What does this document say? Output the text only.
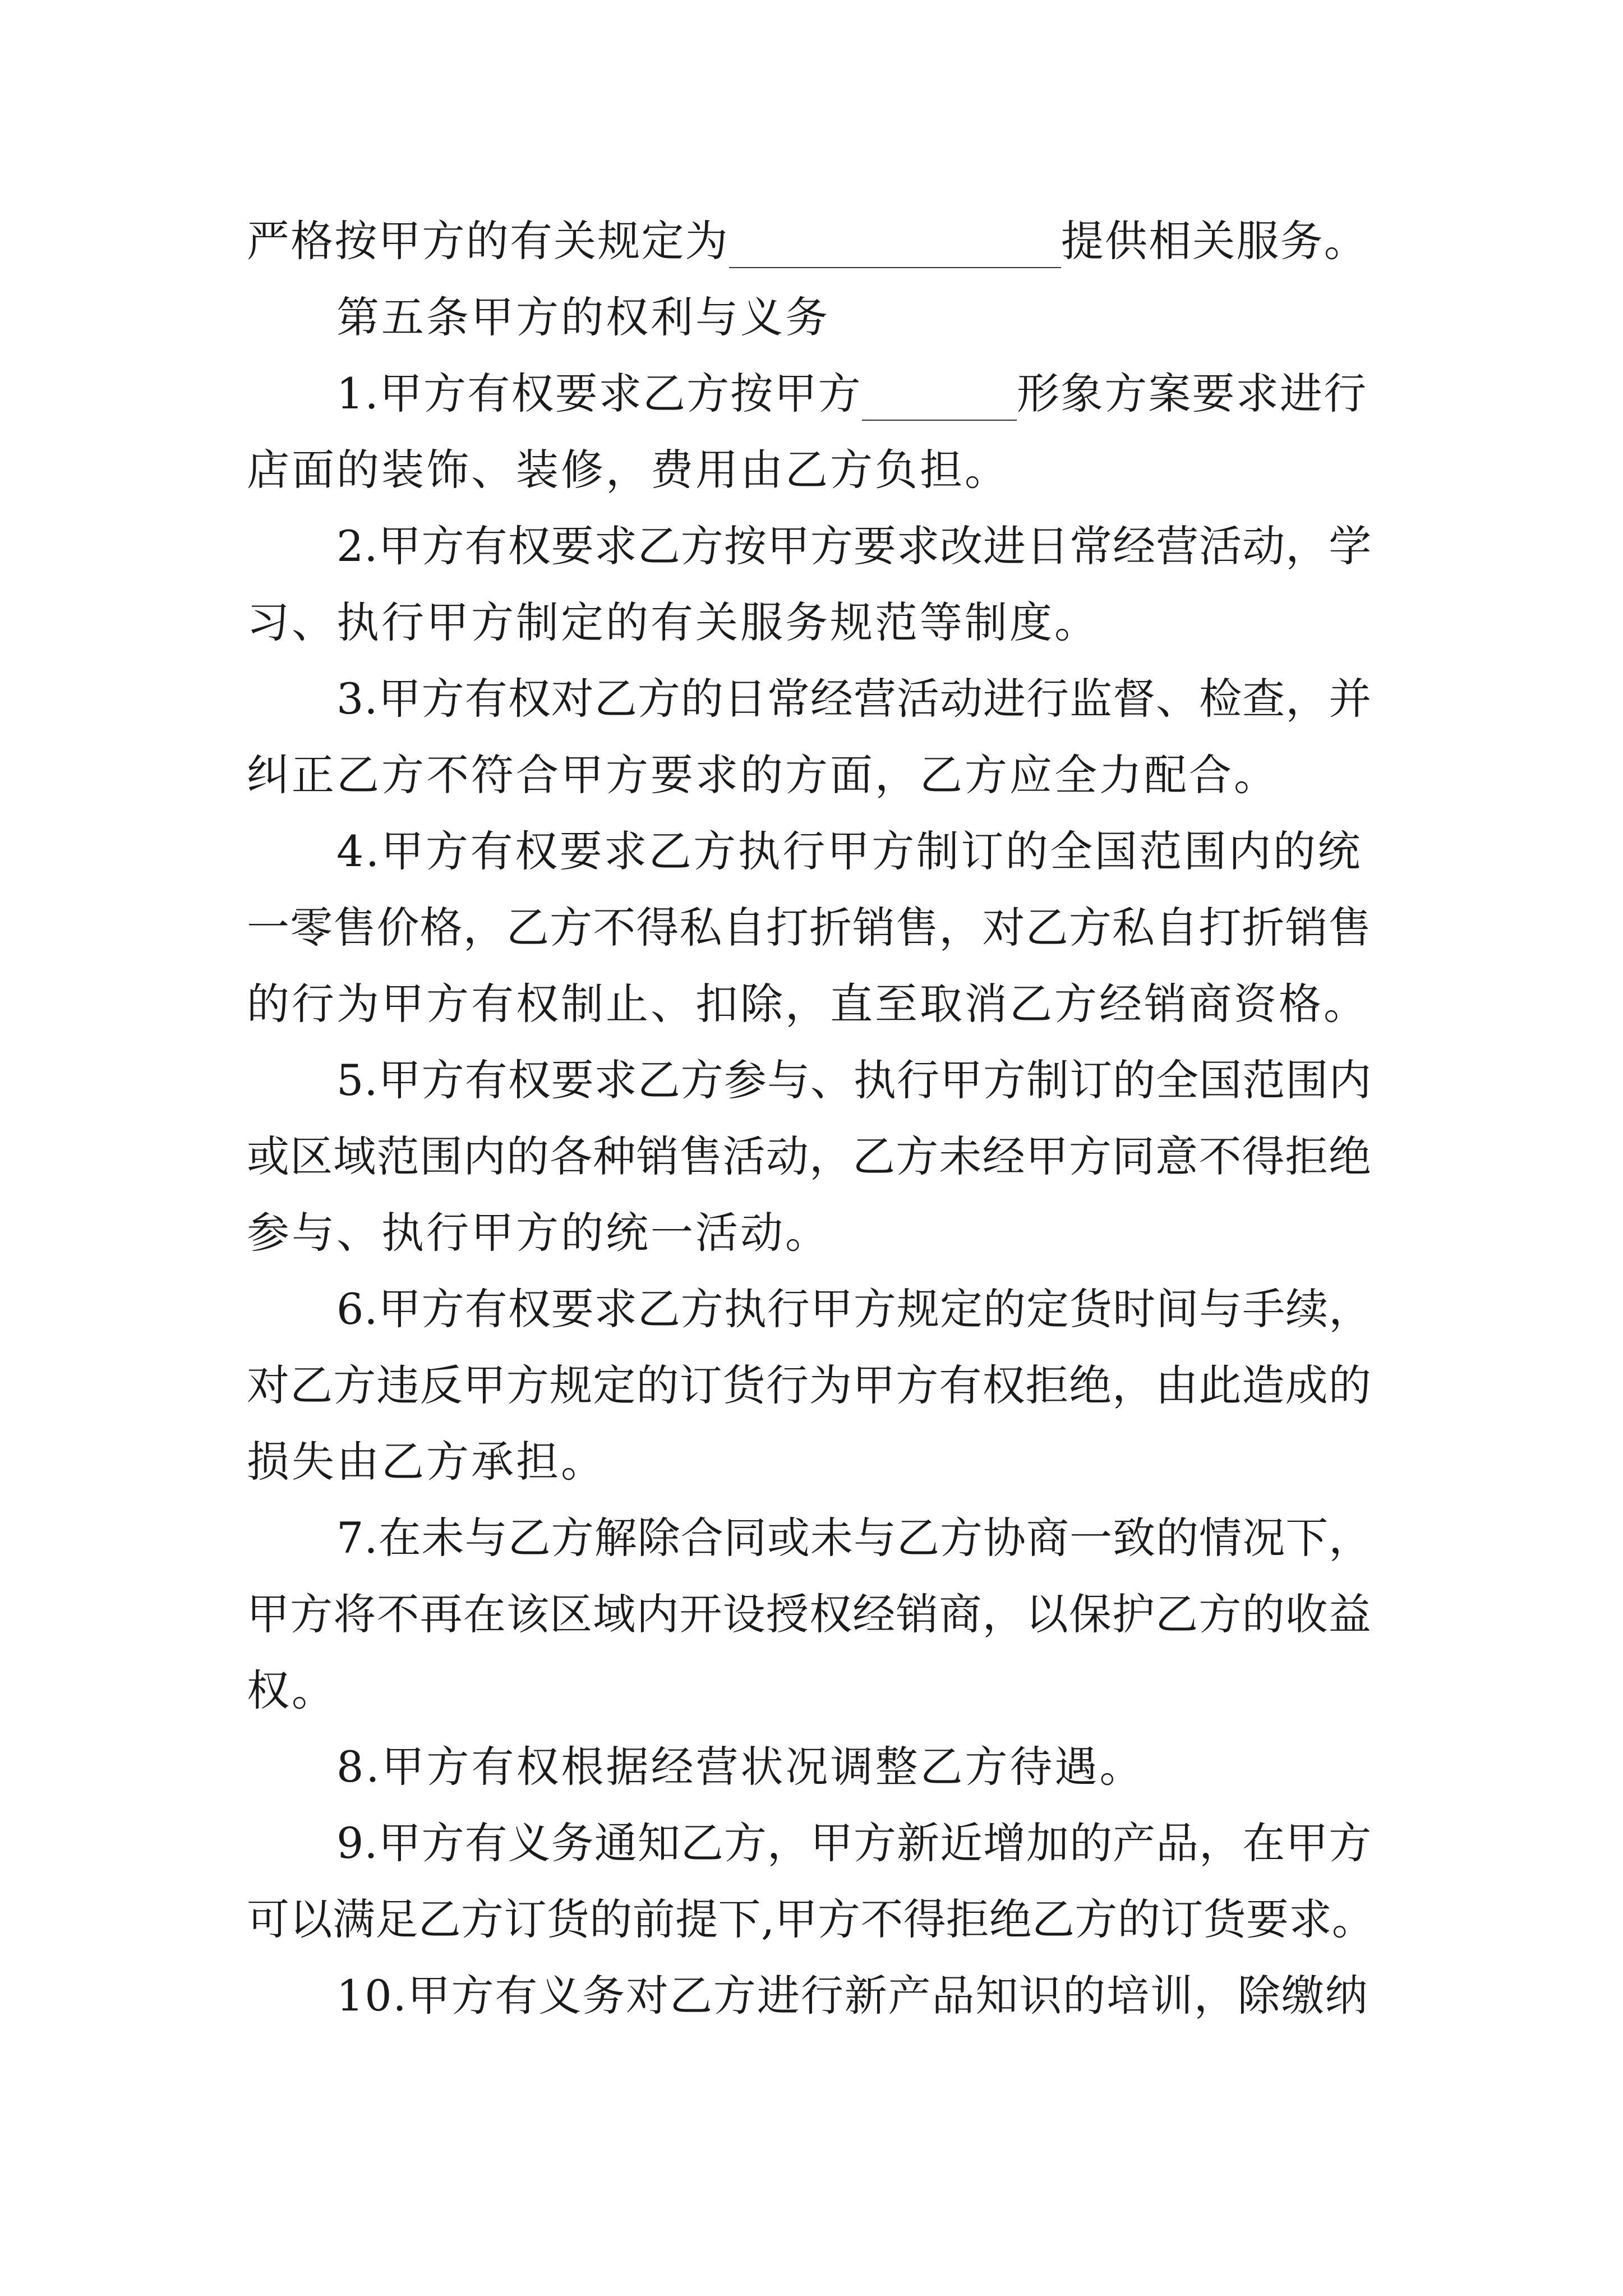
严格按甲方的有关规定为	提供相关服务。
第五条甲方的权利与义务
1.甲方有权要求乙方按甲方	形象方案要求进行
店面的装饰、装修，费用由乙方负担。
2.甲方有权要求乙方按甲方要求改进日常经营活动，学
习、执行甲方制定的有关服务规范等制度。
3.甲方有权对乙方的日常经营活动进行监督、检查，并
纠正乙方不符合甲方要求的方面，乙方应全力配合。
4.甲方有权要求乙方执行甲方制订的全国范围内的统
一零售价格，乙方不得私自打折销售，对乙方私自打折销售
的行为甲方有权制止、扣除，直至取消乙方经销商资格。
5.甲方有权要求乙方参与、执行甲方制订的全国范围内
或区域范围内的各种销售活动，乙方未经甲方同意不得拒绝
参与、执行甲方的统一活动。
6.甲方有权要求乙方执行甲方规定的定货时间与手续，
对乙方违反甲方规定的订货行为甲方有权拒绝，由此造成的
损失由乙方承担。
7.在未与乙方解除合同或未与乙方协商一致的情况下，
甲方将不再在该区域内开设授权经销商，以保护乙方的收益
权。
8.甲方有权根据经营状况调整乙方待遇。
9.甲方有义务通知乙方，甲方新近增加的产品，在甲方
可以满足乙方订货的前提下,甲方不得拒绝乙方的订货要求。
10.甲方有义务对乙方进行新产品知识的培训，除缴纳
